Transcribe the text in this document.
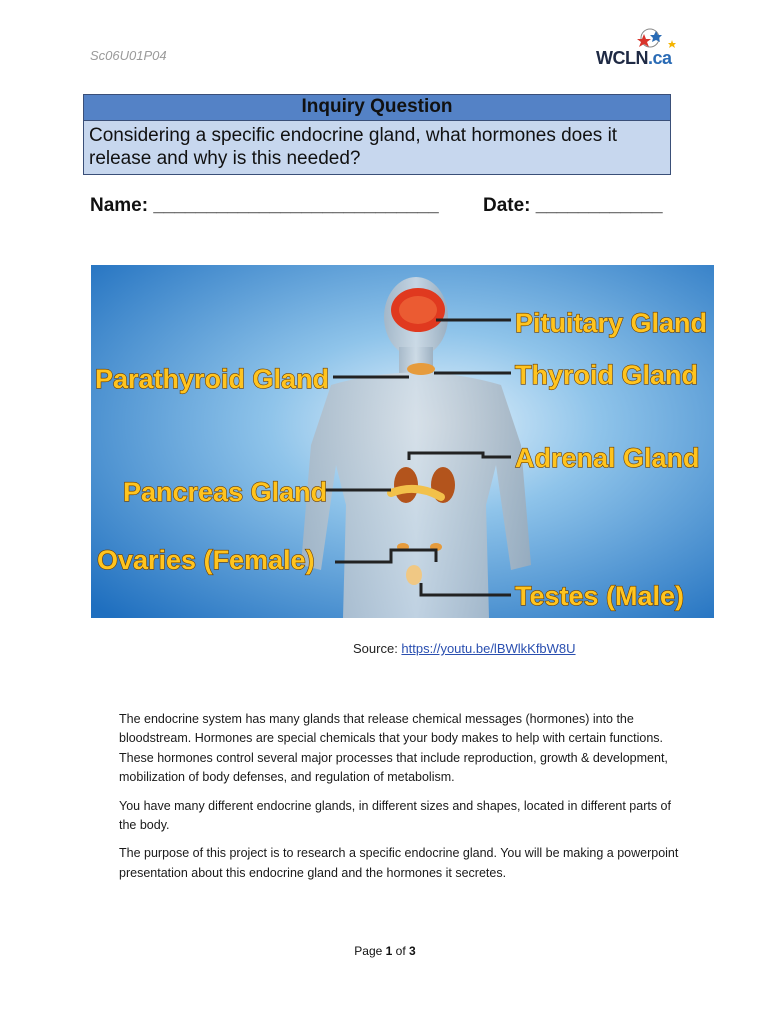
Sc06U01P04	WCLN.ca
Inquiry Question
Considering a specific endocrine gland, what hormones does it
release and why is this needed?
Name: ___________________________ Date: ____________
Pituitary Gland
Thyroid Gland
Parathyroid Gland
Adrenal Gland
Pancreas Gland
Ovaries (Female)
Testes (Male)
Source: https://youtu.be/lBWlkKfbW8U

The endocrine system has many glands that release chemical messages (hormones) into the bloodstream. Hormones are special chemicals that your body makes to help with certain functions. These hormones control several major processes that include reproduction, growth & development, mobilization of body defenses, and regulation of metabolism.

You have many different endocrine glands, in different sizes and shapes, located in different parts of the body.

The purpose of this project is to research a specific endocrine gland. You will be making a powerpoint presentation about this endocrine gland and the hormones it secretes.

Page 1 of 3
